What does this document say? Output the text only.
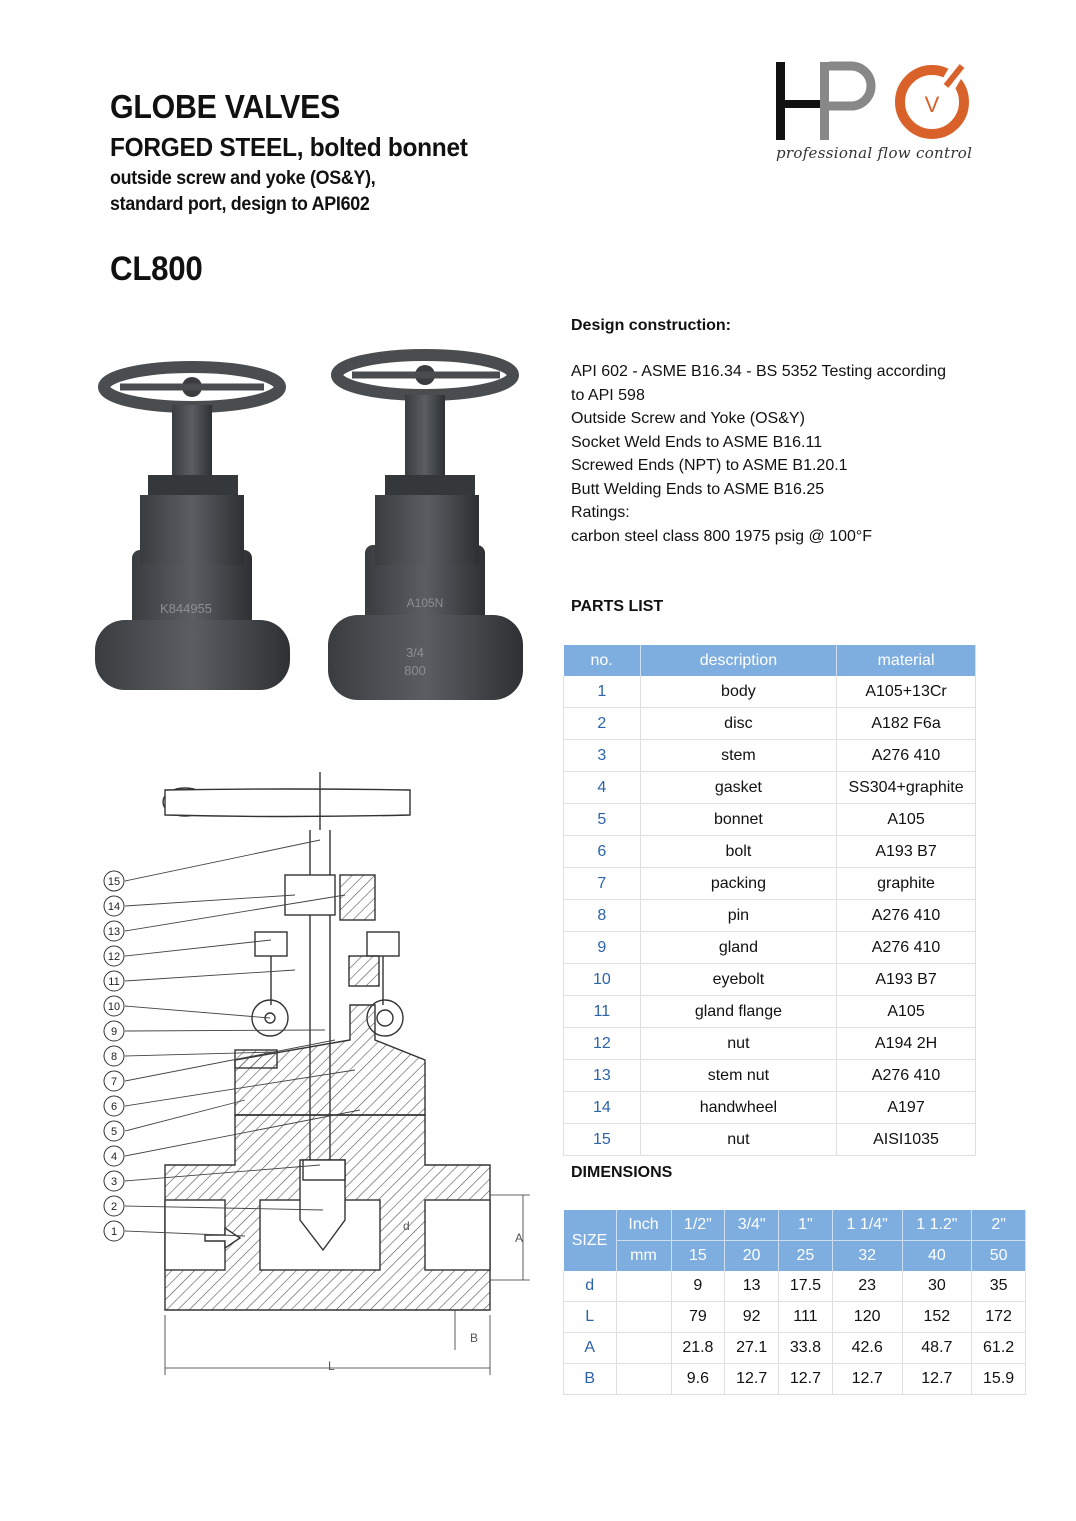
GLOBE VALVES
FORGED STEEL, bolted bonnet
outside screw and yoke (OS&Y),
standard port, design to API602
CL800
V
professional flow control
K844955	A105N
3/4
800
L
A
B
d
15
14
13
12
11
10
9
8
7
6
5
4
3
2
1
Design construction:
API 602 - ASME B16.34 - BS 5352 Testing according
to API 598
Outside Screw and Yoke (OS&Y)
Socket Weld Ends to ASME B16.11
Screwed Ends (NPT) to ASME B1.20.1
Butt Welding Ends to ASME B16.25
Ratings:
carbon steel class 800 1975 psig @ 100°F
PARTS LIST
no.	description	material
1	body	A105+13Cr
2	disc	A182 F6a
3	stem	A276 410
4	gasket	SS304+graphite
5	bonnet	A105
6	bolt	A193 B7
7	packing	graphite
8	pin	A276 410
9	gland	A276 410
10	eyebolt	A193 B7
11	gland flange	A105
12	nut	A194 2H
13	stem nut	A276 410
14	handwheel	A197
15	nut	AISI1035
DIMENSIONS
SIZE	Inch	1/2"	3/4"	1"	1 1/4"	1 1.2"	2"
	mm	15	20	25	32	40	50
d		9	13	17.5	23	30	35
L		79	92	111	120	152	172
A		21.8	27.1	33.8	42.6	48.7	61.2
B		9.6	12.7	12.7	12.7	12.7	15.9
